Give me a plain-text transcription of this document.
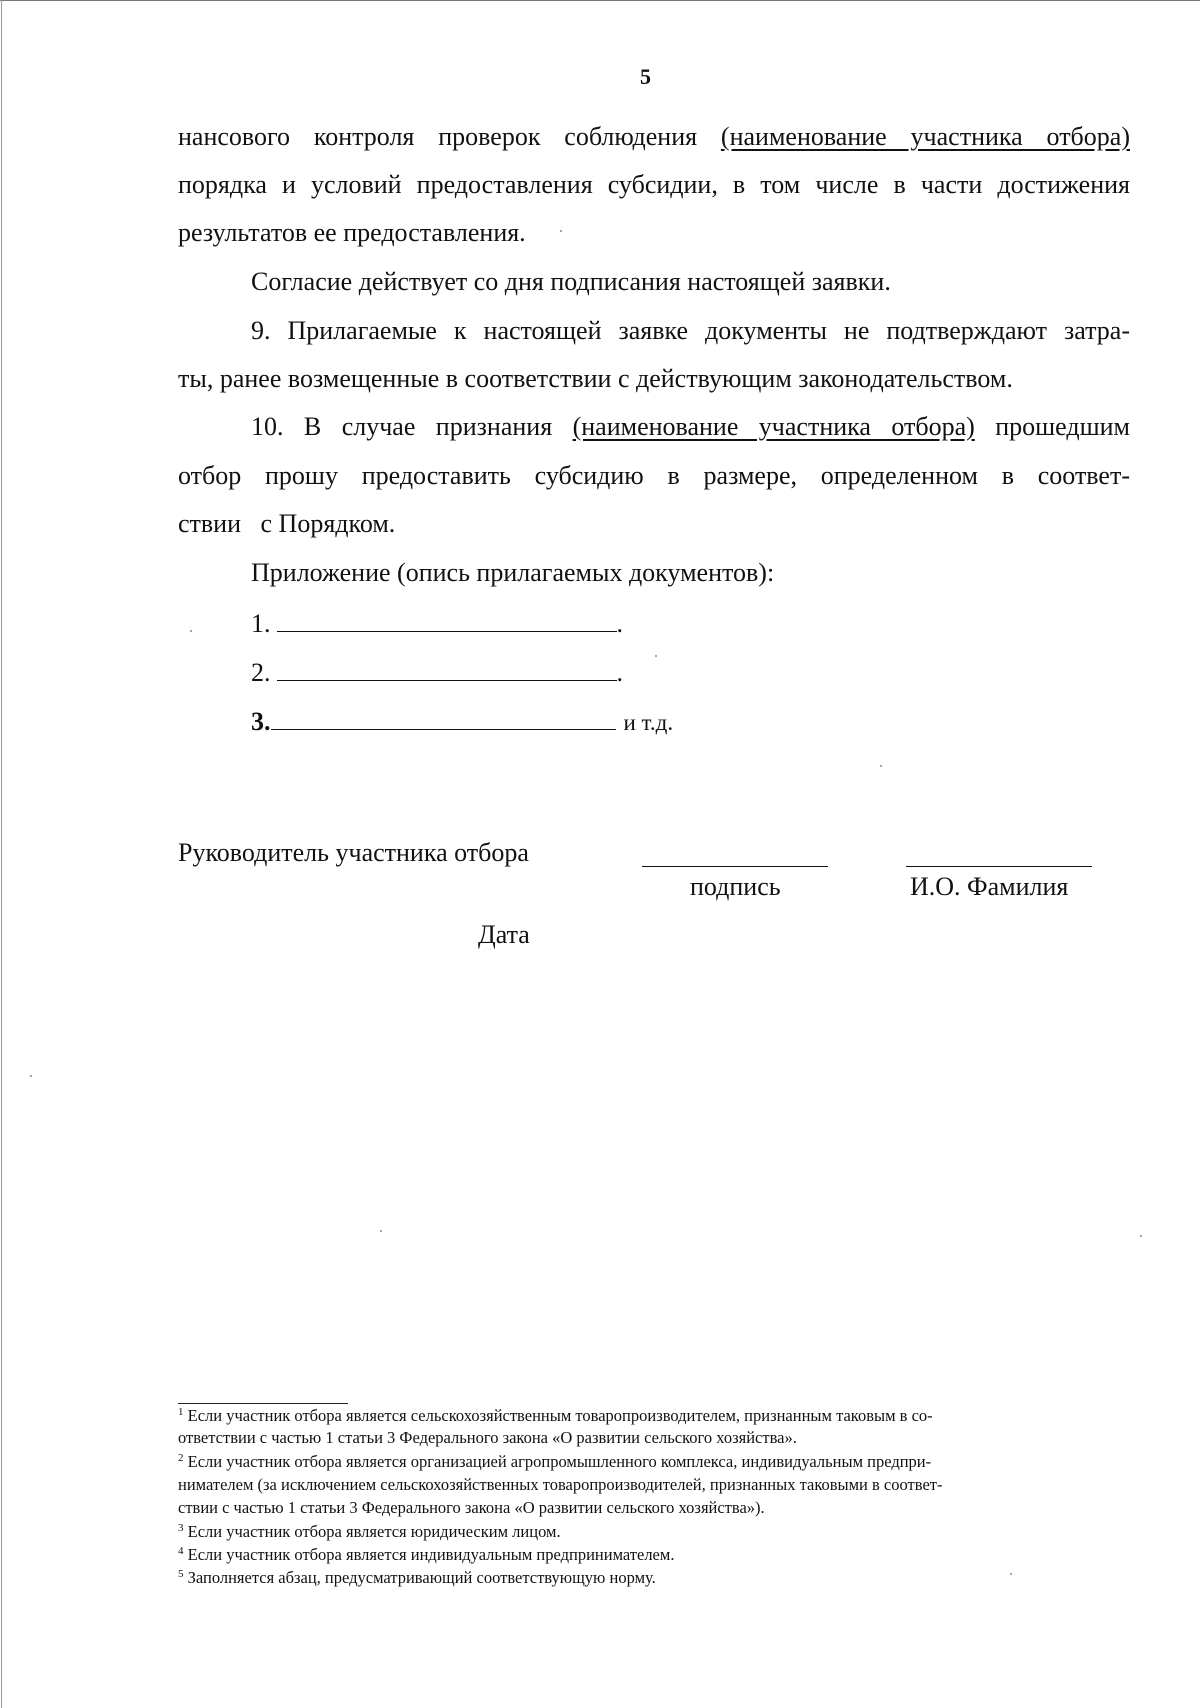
5
нансового контроля проверок соблюдения (наименование участника отбора)
порядка и условий предоставления субсидии, в том числе в части достижения
результатов ее предоставления.
Согласие действует со дня подписания настоящей заявки.
9. Прилагаемые к настоящей заявке документы не подтверждают затра-
ты, ранее возмещенные в соответствии с действующим законодательством.
10. В случае признания (наименование участника отбора) прошедшим
отбор прошу предоставить субсидию в размере, определенном в соответ-
ствии   с Порядком.
Приложение (опись прилагаемых документов):
1.	.
2.	.
3.	и т.д.
Руководитель участника отбора
подпись	И.О. Фамилия
Дата
$^1$ Если участник отбора является сельскохозяйственным товаропроизводителем, признанным таковым в со-
ответствии с частью 1 статьи 3 Федерального закона «О развитии сельского хозяйства».
$^2$ Если участник отбора является организацией агропромышленного комплекса, индивидуальным предпри-
нимателем (за исключением сельскохозяйственных товаропроизводителей, признанных таковыми в соответ-
ствии с частью 1 статьи 3 Федерального закона «О развитии сельского хозяйства»).
$^3$ Если участник отбора является юридическим лицом.
$^4$ Если участник отбора является индивидуальным предпринимателем.
$^5$ Заполняется абзац, предусматривающий соответствующую норму.
